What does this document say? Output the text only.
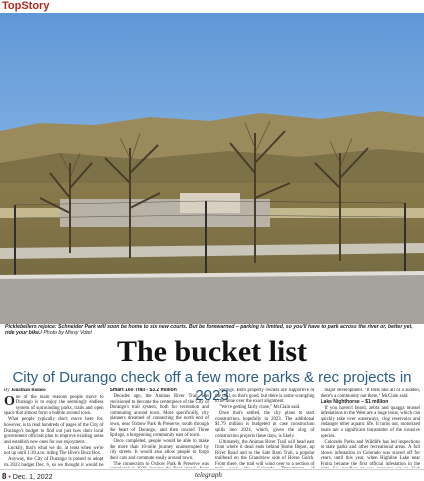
TopStory
Picklebellers rejoice: Schneider Park will soon be home to six new courts. But be forewarned – parking is limited, so you'll have to park across the river or, better yet, ride your bike./ Photo by Missy Votel
The bucket list
City of Durango check off a few more parks & rec projects in 2023
By Jonathan Romeo

One of the main reasons people move to Durango is to enjoy the seemingly endless system of surrounding parks, trails and open space that almost form a bubble around town.

What people typically don't move here for, however, is to read hundreds of pages of the City of Durango's budget to find out just how their local government officials plan to improve existing areas and establish new ones for our enjoyment.

Luckily, that's what we do, at least when we're not up until 1:30 a.m. riding The Hive's Buzz Box.

Anyway, the City of Durango is poised to adopt its 2023 budget Dec. 6, so we thought it would be

Smart 160 Trail - $3.2 million

Decades ago, the Animas River Trail was envisioned to become the centerpiece of the City of Durango's trail system, both for recreation and commuting around town. More specifically, city planners dreamed of connecting the north end of town, near Oxbow Park & Preserve, south through the heart of Durango, and then toward Three Springs, a burgeoning community east of town.

Once completed, people would be able to make the more than 10-mile journey uninterrupted by city streets. It would also allow people to forgo their cars and commute easily around town.

The connection to Oxbow Park & Preserve was

Springs. Both property owners are supportive of the trail, so that's good, but there is some wrangling to be done over the exact alignment.

"We're getting fairly close," McClain said.

Once that's settled, the city plans to start construction, hopefully in 2023. The additional $1.79 million is budgeted in case construction spills into 2024, which, given the slog of construction projects these days, is likely.

Ultimately, the Animas River Trail will head east from where it dead ends behind Home Depot, up River Road and to the Sale Barn Trail, a popular trailhead on the Grandview side of Horse Gulch. From there, the trail will wind over to a section of

major development. "It feels like all of a sudden, there's a community out there," McClain said.

Lake Nighthorse – $1 million

If you haven't heard, zebra and quagga mussel infestations in the West are a huge issue, which can quickly take over waterways, clog reservoirs and endanger other aquatic life. It turns out, motorized boats are a significant transmitter of the invasive species.

Colorado Parks and Wildlife has led inspections at state parks and other recreational areas. A full blown infestation in Colorado was staved off for years, until this year, when Highline Lake near Fruita became the first official infestation in the

8 • Dec. 1, 2022	telegraph
